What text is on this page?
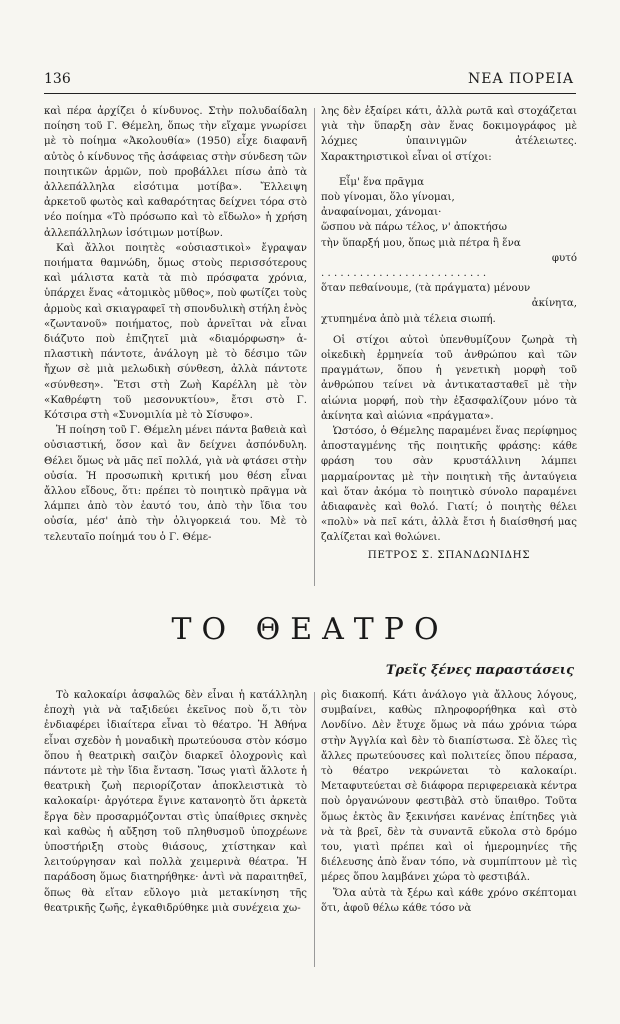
136	ΝΕΑ ΠΟΡΕΙΑ

καὶ πέρα ἀρχίζει ὁ κίνδυνος. Στὴν πολυδαίδαλη ποίηση τοῦ Γ. Θέμελη, ὅπως τὴν εἴχαμε γνωρίσει μὲ τὸ ποίημα «Ἀκολουθία» (1950) εἶχε διαφανῆ αὐτὸς ὁ κίνδυνος τῆς ἀσάφειας στὴν σύνδεση τῶν ποιητικῶν ἁρμῶν, ποὺ προβάλλει πίσω ἀπὸ τὰ ἀλλεπάλληλα εἰσότιμα μοτίβα». Ἔλλειψη ἀρκετοῦ φωτὸς καὶ καθαρότητας δείχνει τόρα στὸ νέο ποίημα «Τὸ πρόσωπο καὶ τὸ εἴδωλο» ἡ χρήση ἀλλεπάλληλων ἰσότιμων μοτίβων.

Καὶ ἄλλοι ποιητὲς «οὐσιαστικοὶ» ἔγραψαν ποιήματα θαμνώδη, ὅμως στοὺς περισσότερους καὶ μάλιστα κατὰ τὰ πιὸ πρόσφατα χρόνια, ὑπάρχει ἕνας «ἀτομικὸς μῦθος», ποὺ φωτίζει τοὺς ἁρμοὺς καὶ σκιαγραφεῖ τὴ σπονδυλικὴ στήλη ἑνὸς «ζωντανοῦ» ποιήματος, ποὺ ἀρνεῖται νὰ εἶναι διάζυτο ποὺ ἐπιζητεῖ μιὰ «διαμόρφωση» ἀ-πλαστικὴ πάντοτε, ἀνάλογη μὲ τὸ δέσιμο τῶν ἤχων σὲ μιὰ μελωδικὴ σύνθεση, ἀλλὰ πάντοτε «σύνθεση». Ἔτσι στὴ Ζωὴ Καρέλλη μὲ τὸν «Καθρέφτη τοῦ μεσονυκτίου», ἔτσι στὸ Γ. Κότσιρα στὴ «Συνομιλία μὲ τὸ Σίσυφο».

Ἡ ποίηση τοῦ Γ. Θέμελη μένει πάντα βαθειὰ καὶ οὐσιαστική, ὅσον καὶ ἂν δείχνει ἀσπόνδυλη. Θέλει ὅμως νὰ μᾶς πεῖ πολλά, γιὰ νὰ φτάσει στὴν οὐσία. Ἡ προσωπικὴ κριτική μου θέση εἶναι ἄλλου εἴδους, ὅτι: πρέπει τὸ ποιητικὸ πρᾶγμα νὰ λάμπει ἀπὸ τὸν ἑαυτό του, ἀπὸ τὴν ἴδια του οὐσία, μέσ' ἀπὸ τὴν ὀλιγορκειά του. Μὲ τὸ τελευταῖο ποίημά του ὁ Γ. Θέμε-

λης δὲν ἐξαίρει κάτι, ἀλλὰ ρωτᾶ καὶ στοχάζεται γιὰ τὴν ὕπαρξη σὰν ἕνας δοκιμογράφος μὲ λόχμες ὑπαινιγμῶν ἀτέλειωτες. Χαρακτηριστικοὶ εἶναι οἱ στίχοι:

Εἶμ' ἕνα πρᾶγμα
ποὺ γίνομαι, ὅλο γίνομαι,
ἀναφαίνομαι, χάνομαι·
ὥσπου νὰ πάρω τέλος, ν' ἀποκτήσω
τὴν ὕπαρξή μου, ὅπως μιὰ πέτρα ἢ ἕνα
φυτό
. . . . . . . . . . . . . . . . . . . . . . . . . .
ὅταν πεθαίνουμε, (τὰ πράγματα) μένουν
ἀκίνητα,
χτυπημένα ἀπὸ μιὰ τέλεια σιωπή.

Οἱ στίχοι αὐτοὶ ὑπενθυμίζουν ζωηρὰ τὴ οἰκεδικὴ ἑρμηνεία τοῦ ἀνθρώπου καὶ τῶν πραγμάτων, ὅπου ἡ γενετικὴ μορφὴ τοῦ ἀνθρώπου τείνει νὰ ἀντικατασταθεῖ μὲ τὴν αἰώνια μορφή, ποὺ τὴν ἐξασφαλίζουν μόνο τὰ ἀκίνητα καὶ αἰώνια «πράγματα».

Ὡστόσο, ὁ Θέμελης παραμένει ἕνας περίφημος ἀποσταγμένης τῆς ποιητικῆς φράσης: κάθε φράση του σὰν κρυστάλλινη λάμπει μαρμαίροντας μὲ τὴν ποιητικὴ τῆς ἀνταύγεια καὶ ὅταν ἀκόμα τὸ ποιητικὸ σύνολο παραμένει ἀδιαφανὲς καὶ θολό. Γιατί; ὁ ποιητὴς θέλει «πολὺ» νὰ πεῖ κάτι, ἀλλὰ ἔτσι ἡ διαίσθησή μας ζαλίζεται καὶ θολώνει.

ΠΕΤΡΟΣ Σ. ΣΠΑΝΔΩΝΙΔΗΣ
ΤΟ ΘΕΑΤΡΟ
Τρεῖς ξένες παραστάσεις

Τὸ καλοκαίρι ἀσφαλῶς δὲν εἶναι ἡ κατάλληλη ἐποχὴ γιὰ νὰ ταξιδεύει ἐκεῖνος ποὺ ὅ,τι τὸν ἐνδιαφέρει ἰδιαίτερα εἶναι τὸ θέατρο. Ἡ Ἀθήνα εἶναι σχεδὸν ἡ μοναδικὴ πρωτεύουσα στὸν κόσμο ὅπου ἡ θεατρικὴ σαιζὸν διαρκεῖ ὁλοχρονὶς καὶ πάντοτε μὲ τὴν ἴδια ἔνταση. Ἴσως γιατὶ ἄλλοτε ἡ θεατρικὴ ζωὴ περιορίζοταν ἀποκλειστικὰ τὸ καλοκαίρι· ἀργότερα ἔγινε κατανοητὸ ὅτι ἀρκετὰ ἔργα δὲν προσαρμόζονται στὶς ὑπαίθριες σκηνὲς καὶ καθὼς ἡ αὔξηση τοῦ πληθυσμοῦ ὑποχρέωνε ὑποστήριξη στοὺς θιάσους, χτίστηκαν καὶ λειτούργησαν καὶ πολλὰ χειμερινὰ θέατρα. Ἡ παράδοση ὅμως διατηρήθηκε· ἀντὶ νὰ παραιτηθεῖ, ὅπως θὰ εἴταν εὔλογο μιὰ μετακίνηση τῆς θεατρικῆς ζωῆς, ἐγκαθιδρύθηκε μιὰ συνέχεια χω-

ρὶς διακοπή. Κάτι ἀνάλογο γιὰ ἄλλους λόγους, συμβαίνει, καθὼς πληροφορήθηκα καὶ στὸ Λονδίνο. Δὲν ἔτυχε ὅμως νὰ πάω χρόνια τώρα στὴν Ἀγγλία καὶ δὲν τὸ διαπίστωσα. Σὲ ὅλες τὶς ἄλλες πρωτεύουσες καὶ πολιτείες ὅπου πέρασα, τὸ θέατρο νεκρώνεται τὸ καλοκαίρι. Μεταφυτεύεται σὲ διάφορα περιφερειακὰ κέντρα ποὺ ὀργανώνουν φεστιβὰλ στὸ ὕπαιθρο. Τοῦτα ὅμως ἐκτὸς ἂν ξεκινήσει κανένας ἐπίτηδες γιὰ νὰ τὰ βρεῖ, δὲν τὰ συναντᾶ εὔκολα στὸ δρόμο του, γιατὶ πρέπει καὶ οἱ ἡμερομηνίες τῆς διέλευσης ἀπὸ ἕναν τόπο, νὰ συμπίπτουν μὲ τὶς μέρες ὅπου λαμβάνει χώρα τὸ φεστιβάλ.

Ὅλα αὐτὰ τὰ ξέρω καὶ κάθε χρόνο σκέπτομαι ὅτι, ἀφοῦ θέλω κάθε τόσο νὰ
